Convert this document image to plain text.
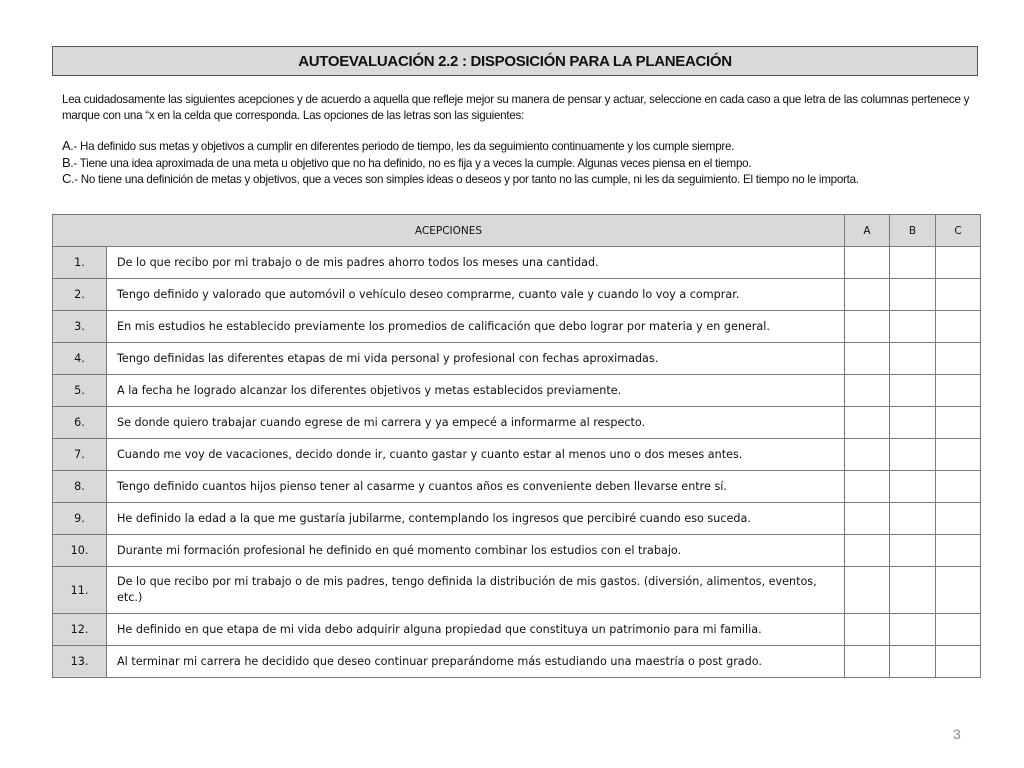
AUTOEVALUACIÓN 2.2 : DISPOSICIÓN PARA LA PLANEACIÓN

Lea cuidadosamente las siguientes acepciones y de acuerdo a aquella que refleje mejor su manera de pensar y actuar, seleccione en cada caso a que letra de las columnas pertenece y marque con una “x en la celda que corresponda. Las opciones de las letras son las siguientes:

A.- Ha definido sus metas y objetivos a cumplir en diferentes periodo de tiempo, les da seguimiento continuamente y los cumple siempre.

B.- Tiene una idea aproximada de una meta u objetivo que no ha definido, no es fija y a veces la cumple. Algunas veces piensa en el tiempo.

C.- No tiene una definición de metas y objetivos, que a veces son simples ideas o deseos y por tanto no las cumple, ni les da seguimiento. El tiempo no le importa.

ACEPCIONES		A	B	C
1.	De lo que recibo por mi trabajo o de mis padres ahorro todos los meses una cantidad.			
2.	Tengo definido y valorado que automóvil o vehículo deseo comprarme, cuanto vale y cuando lo voy a comprar.			
3.	En mis estudios he establecido previamente los promedios de calificación que debo lograr por materia y en general.			
4.	Tengo definidas las diferentes etapas de mi vida personal y profesional con fechas aproximadas.			
5.	A la fecha he logrado alcanzar los diferentes objetivos y metas establecidos previamente.			
6.	Se donde quiero trabajar cuando egrese de mi carrera y ya empecé a informarme al respecto.			
7.	Cuando me voy de vacaciones, decido donde ir, cuanto gastar y cuanto estar al menos uno o dos meses antes.			
8.	Tengo definido cuantos hijos pienso tener al casarme y cuantos años es conveniente deben llevarse entre sí.			
9.	He definido la edad a la que me gustaría jubilarme, contemplando los ingresos que percibiré cuando eso suceda.			
10.	Durante mi formación profesional he definido en qué momento combinar los estudios con el trabajo.			
11.	De lo que recibo por mi trabajo o de mis padres, tengo definida la distribución de mis gastos. (diversión, alimentos, eventos, etc.)			
12.	He definido en que etapa de mi vida debo adquirir alguna propiedad que constituya un patrimonio para mi familia.			
13.	Al terminar mi carrera he decidido que deseo continuar preparándome más estudiando una maestría o post grado.			
3
